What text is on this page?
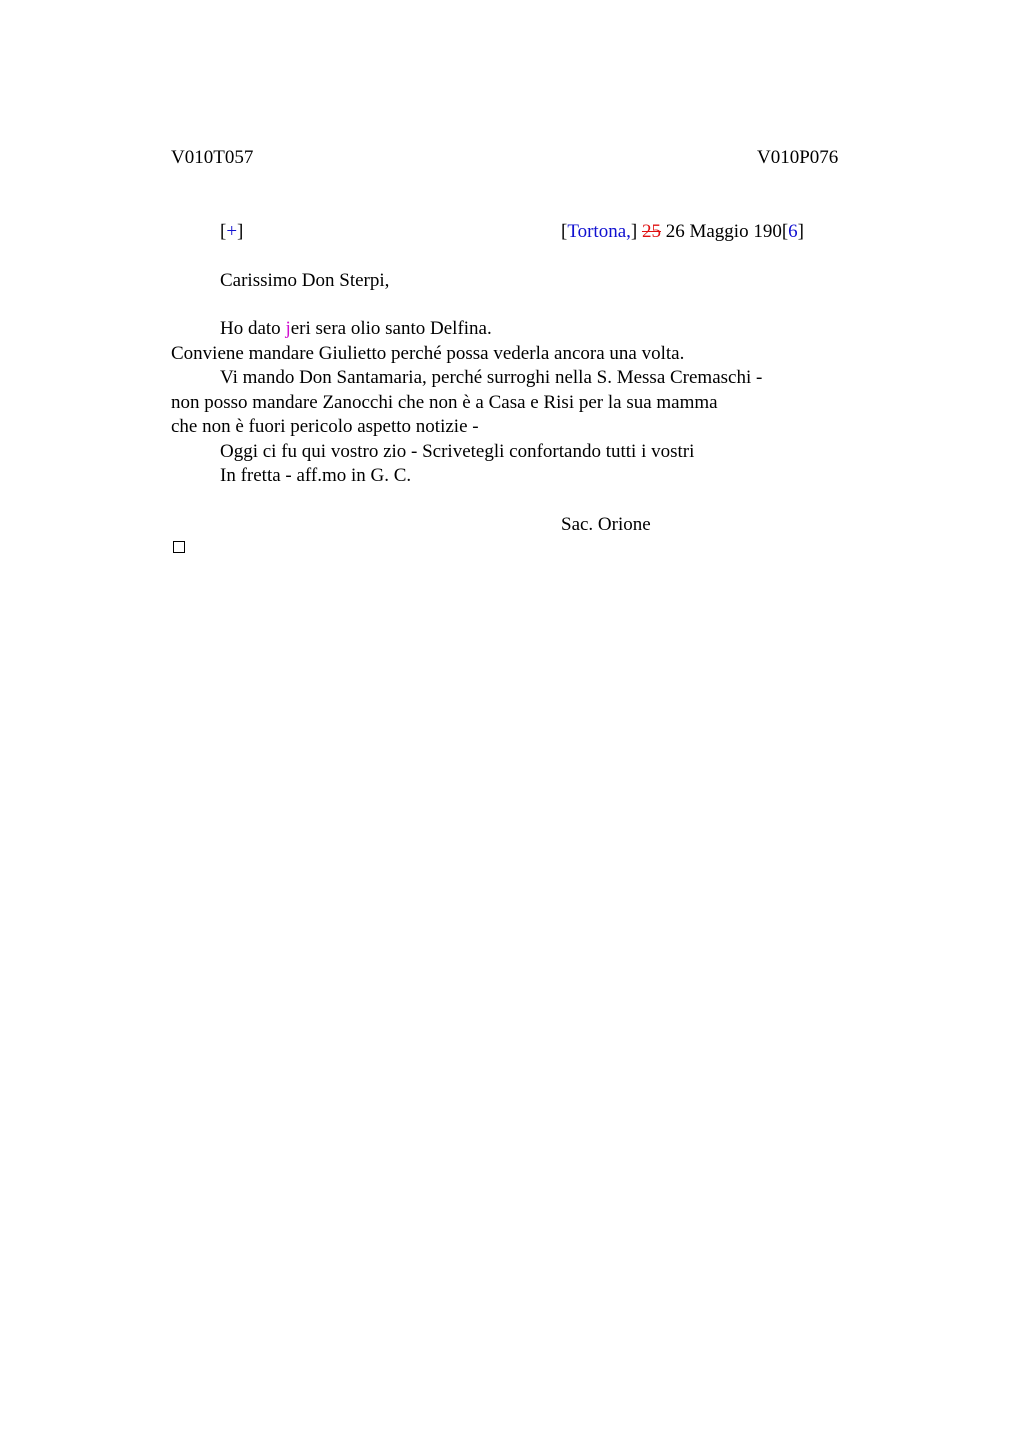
V010T057	V010P076
[+]	[Tortona,] 25 26 Maggio 190[6]
Carissimo Don Sterpi,
Ho dato jeri sera olio santo Delfina.
Conviene mandare Giulietto perché possa vederla ancora una volta.
Vi mando Don Santamaria, perché surroghi nella S. Messa Cremaschi -
non posso mandare Zanocchi che non è a Casa e Risi per la sua mamma
che non è fuori pericolo aspetto notizie -
Oggi ci fu qui vostro zio - Scrivetegli confortando tutti i vostri
In fretta - aff.mo in G. C.
Sac. Orione
